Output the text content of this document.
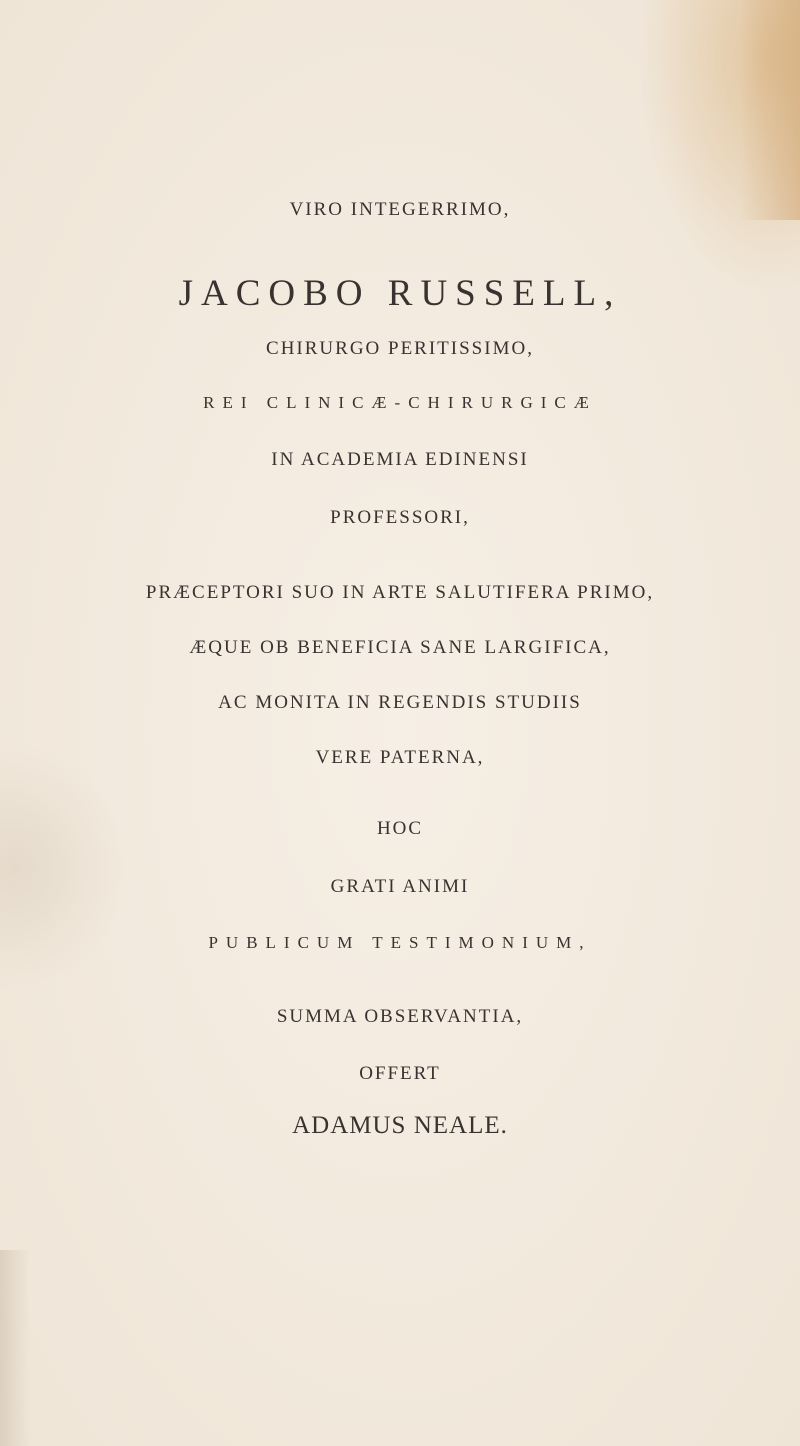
VIRO INTEGERRIMO,
JACOBO RUSSELL,
CHIRURGO PERITISSIMO,
REI CLINICÆ-CHIRURGICÆ
IN ACADEMIA EDINENSI
PROFESSORI,
PRÆCEPTORI SUO IN ARTE SALUTIFERA PRIMO,
ÆQUE OB BENEFICIA SANE LARGIFICA,
AC MONITA IN REGENDIS STUDIIS
VERE PATERNA,
HOC
GRATI ANIMI
PUBLICUM TESTIMONIUM,
SUMMA OBSERVANTIA,
OFFERT
ADAMUS NEALE.
